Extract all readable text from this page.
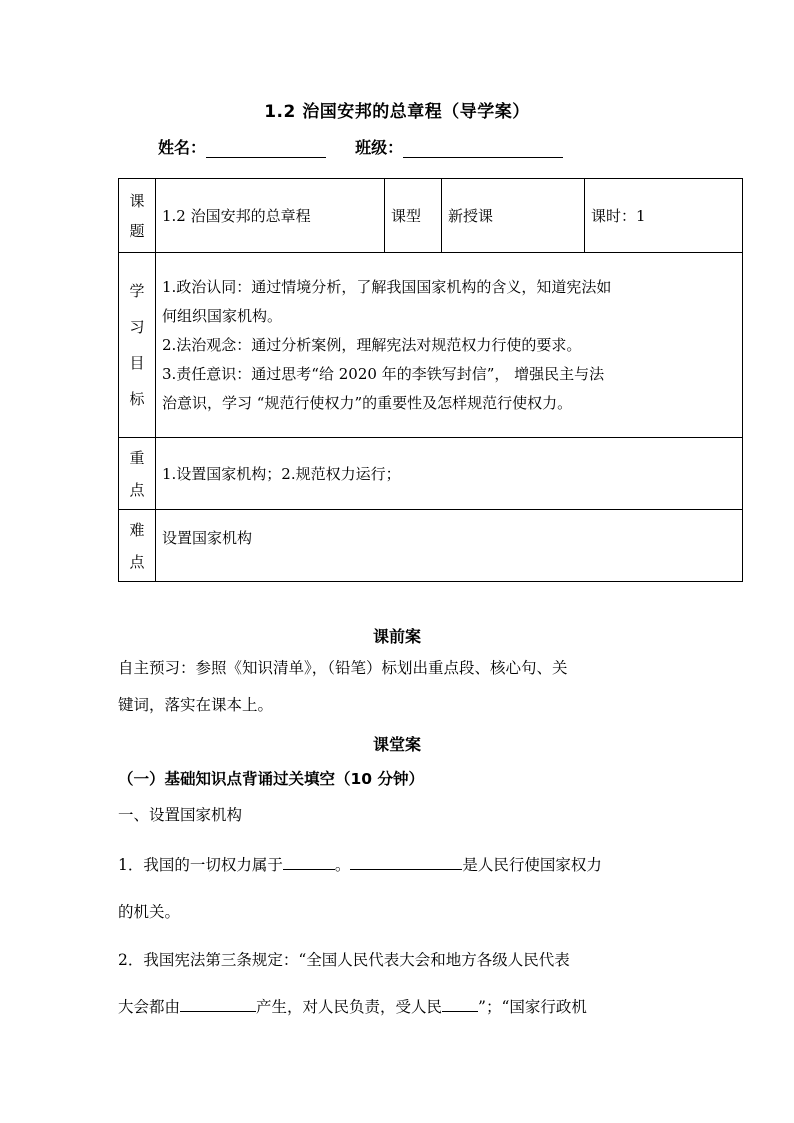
1.2 治国安邦的总章程（导学案）
姓名：	班级：
课题	1.2 治国安邦的总章程	课型	新授课	课时：1

学习目标	1.政治认同：通过情境分析，了解我国国家机构的含义，知道宪法如
何组织国家机构。
2.法治观念：通过分析案例，理解宪法对规范权力行使的要求。
3.责任意识：通过思考“给 2020 年的李铁写封信”， 增强民主与法
治意识，学习 “规范行使权力”的重要性及怎样规范行使权力。			

重点	1.设置国家机构；2.规范权力运行；			

难点	设置国家机构			
课前案
自主预习：参照《知识清单》，（铅笔）标划出重点段、核心句、关
键词，落实在课本上。
课堂案
（一）基础知识点背诵过关填空（10 分钟）
一、设置国家机构
1．我国的一切权力属于	。	是人民行使国家权力
的机关。
2．我国宪法第三条规定：“全国人民代表大会和地方各级人民代表
大会都由	产生，对人民负责，受人民 ”；“国家行政机
